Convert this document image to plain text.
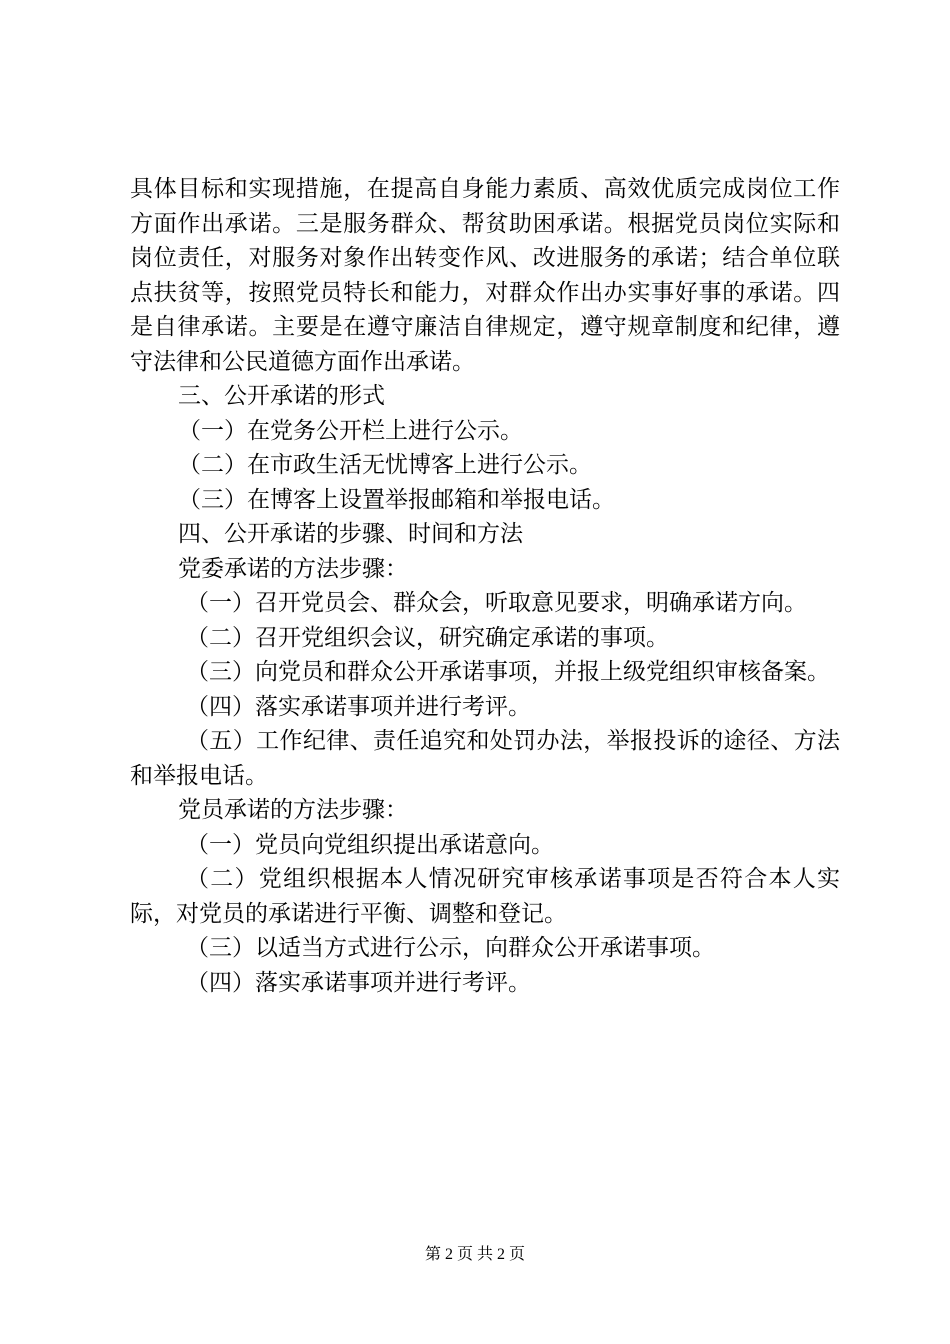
具体目标和实现措施，在提高自身能力素质、高效优质完成岗位工作方面作出承诺。三是服务群众、帮贫助困承诺。根据党员岗位实际和岗位责任，对服务对象作出转变作风、改进服务的承诺；结合单位联点扶贫等，按照党员特长和能力，对群众作出办实事好事的承诺。四是自律承诺。主要是在遵守廉洁自律规定，遵守规章制度和纪律，遵守法律和公民道德方面作出承诺。

三、公开承诺的形式

（一）在党务公开栏上进行公示。

（二）在市政生活无忧博客上进行公示。

（三）在博客上设置举报邮箱和举报电话。

四、公开承诺的步骤、时间和方法

党委承诺的方法步骤：

（一）召开党员会、群众会，听取意见要求，明确承诺方向。

（二）召开党组织会议，研究确定承诺的事项。

（三）向党员和群众公开承诺事项，并报上级党组织审核备案。

（四）落实承诺事项并进行考评。

（五）工作纪律、责任追究和处罚办法，举报投诉的途径、方法和举报电话。

党员承诺的方法步骤：

（一）党员向党组织提出承诺意向。

（二）党组织根据本人情况研究审核承诺事项是否符合本人实际，对党员的承诺进行平衡、调整和登记。

（三）以适当方式进行公示，向群众公开承诺事项。

（四）落实承诺事项并进行考评。

第 2 页 共 2 页
